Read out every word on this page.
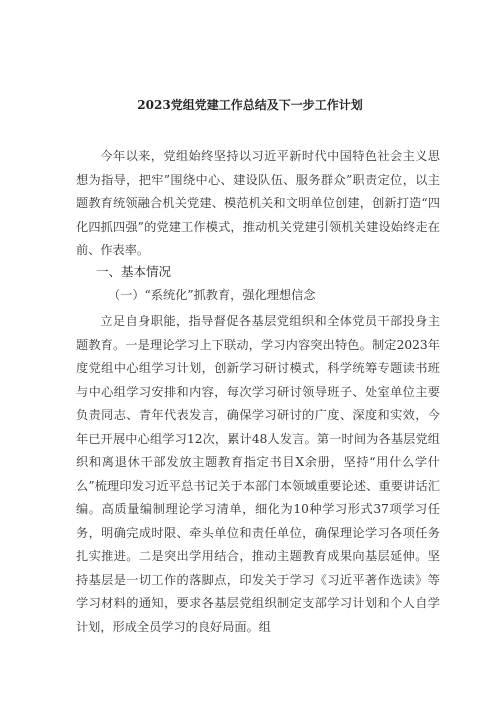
2023党组党建工作总结及下一步工作计划
今年以来，党组始终坚持以习近平新时代中国特色社会主义思想为指导，把牢”围绕中心、建设队伍、服务群众”职责定位，以主题教育统领融合机关党建、模范机关和文明单位创建，创新打造“四化四抓四强”的党建工作模式，推动机关党建引领机关建设始终走在前、作表率。
一、基本情况
（一）“系统化”抓教育，强化理想信念
立足自身职能，指导督促各基层党组织和全体党员干部投身主题教育。一是理论学习上下联动，学习内容突出特色。制定2023年度党组中心组学习计划，创新学习研讨模式，科学统筹专题读书班与中心组学习安排和内容，每次学习研讨领导班子、处室单位主要负责同志、青年代表发言，确保学习研讨的广度、深度和实效，今年已开展中心组学习12次，累计48人发言。第一时间为各基层党组织和离退休干部发放主题教育指定书目X余册，坚持“用什么学什么”梳理印发习近平总书记关于本部门本领域重要论述、重要讲话汇编。高质量编制理论学习清单，细化为10种学习形式37项学习任务，明确完成时限、牵头单位和责任单位，确保理论学习各项任务扎实推进。二是突出学用结合，推动主题教育成果向基层延伸。坚持基层是一切工作的落脚点，印发关于学习《习近平著作选读》等学习材料的通知，要求各基层党组织制定支部学习计划和个人自学计划，形成全员学习的良好局面。组
